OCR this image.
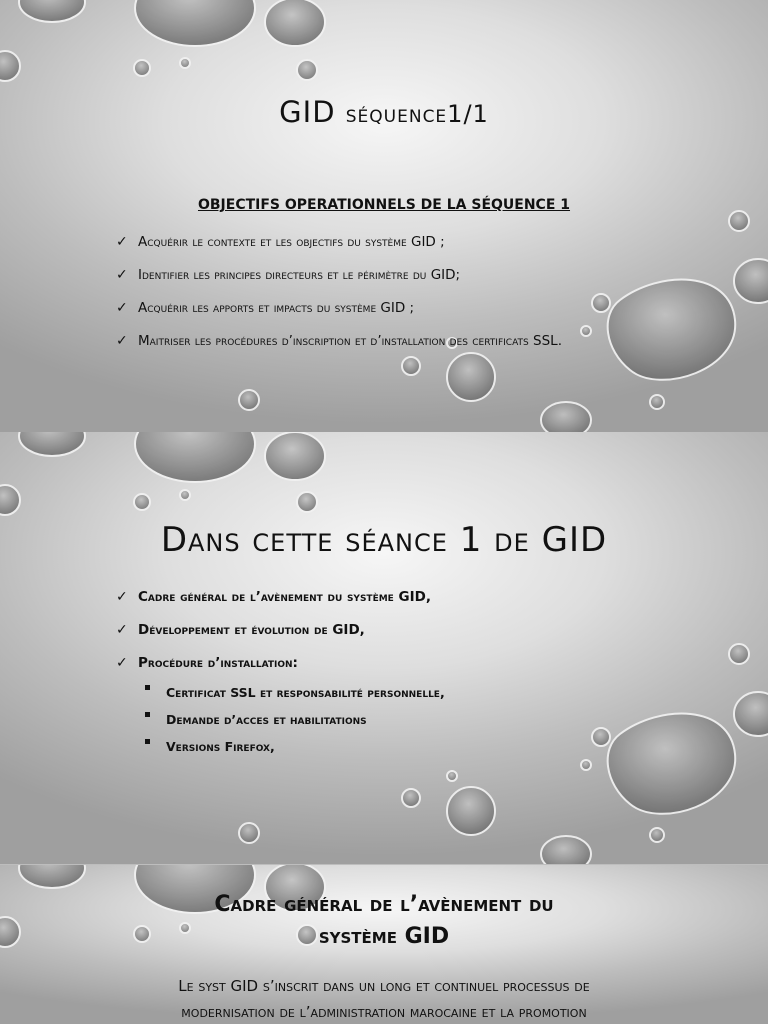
GID séquence1/1
OBJECTIFS OPERATIONNELS DE LA SÉQUENCE 1
✓ Acquérir le contexte et les objectifs du système GID ;
✓ Identifier les principes directeurs et le périmètre du GID;
✓ Acquérir les apports et impacts du système GID ;
✓ Maitriser les procédures d’inscription et d’installation des certificats SSL.
Dans cette séance 1 de GID
✓ Cadre général de l’avènement du système GID,
✓ Développement et évolution de GID,
✓ Procédure d’installation:
Certificat SSL et responsabilité personnelle,
Demande d’acces et habilitations
Versions Firefox,
Cadre général de l’avènement du
système GID
Le syst GID s’inscrit dans un long et continuel processus de
modernisation de l’administration marocaine et la promotion
